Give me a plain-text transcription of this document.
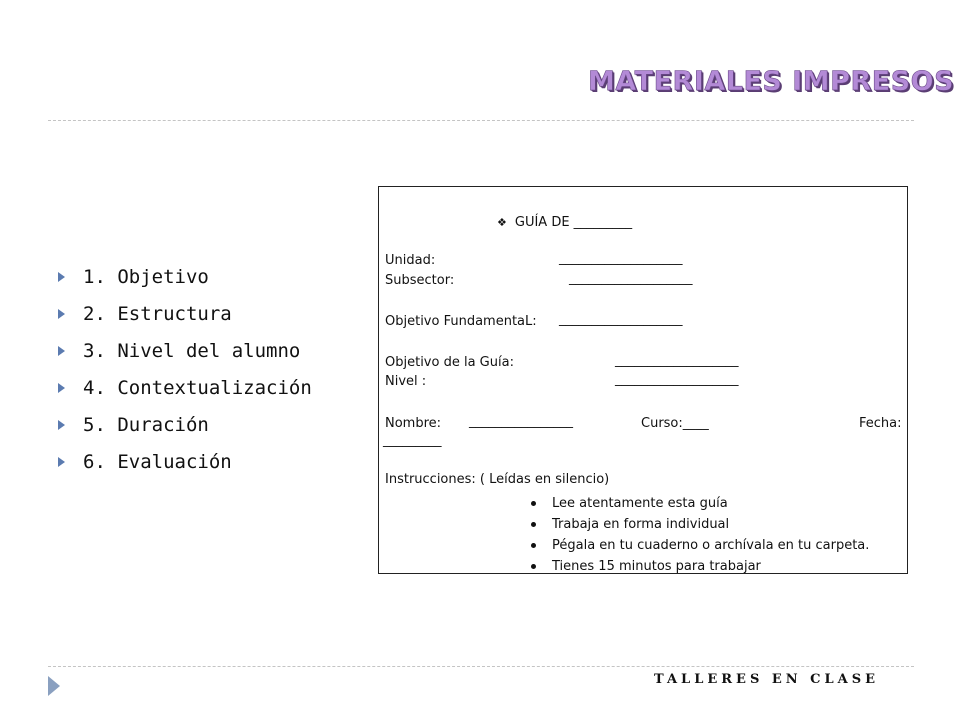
MATERIALES IMPRESOS
1. Objetivo
2. Estructura
3. Nivel del alumno
4. Contextualización
5. Duración
6. Evaluación
❖ GUÍA DE _________
Unidad:	___________________
Subsector:	___________________
Objetivo FundamentaL: ___________________
Objetivo de la Guía:	___________________
Nivel :	___________________
Nombre: ________________	Curso:____	Fecha:
_________
Instrucciones: ( Leídas en silencio)
Lee atentamente esta guía
Trabaja en forma individual
Pégala en tu cuaderno o archívala en tu carpeta.
Tienes 15 minutos para trabajar
TALLERES EN CLASE
